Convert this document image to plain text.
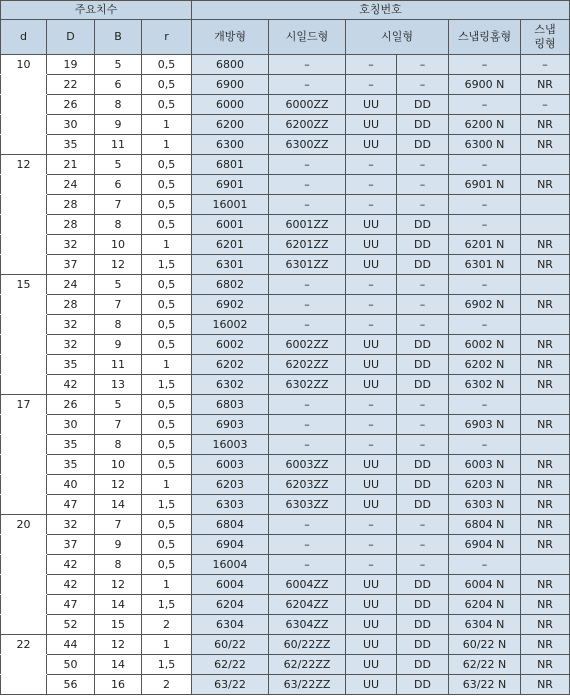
주요치수				호칭번호					
d	D	B	r	개방형	시일드형	시일형		스냅링홈형	스냅
링형
10	19	5	0,5	6800	–	–	–	–	–
	22	6	0,5	6900	–	–	–	6900 N	NR
	26	8	0,5	6000	6000ZZ	UU	DD	–	–
	30	9	1	6200	6200ZZ	UU	DD	6200 N	NR
	35	11	1	6300	6300ZZ	UU	DD	6300 N	NR
12	21	5	0,5	6801	–	–	–	–	
	24	6	0,5	6901	–	–	–	6901 N	NR
	28	7	0,5	16001	–	–	–	–	
	28	8	0,5	6001	6001ZZ	UU	DD	–	
	32	10	1	6201	6201ZZ	UU	DD	6201 N	NR
	37	12	1,5	6301	6301ZZ	UU	DD	6301 N	NR
15	24	5	0,5	6802	–	–	–	–	
	28	7	0,5	6902	–	–	–	6902 N	NR
	32	8	0,5	16002	–	–	–	–	
	32	9	0,5	6002	6002ZZ	UU	DD	6002 N	NR
	35	11	1	6202	6202ZZ	UU	DD	6202 N	NR
	42	13	1,5	6302	6302ZZ	UU	DD	6302 N	NR
17	26	5	0,5	6803	–	–	–	–	
	30	7	0,5	6903	–	–	–	6903 N	NR
	35	8	0,5	16003	–	–	–	–	
	35	10	0,5	6003	6003ZZ	UU	DD	6003 N	NR
	40	12	1	6203	6203ZZ	UU	DD	6203 N	NR
	47	14	1,5	6303	6303ZZ	UU	DD	6303 N	NR
20	32	7	0,5	6804	–	–	–	6804 N	NR
	37	9	0,5	6904	–	–	–	6904 N	NR
	42	8	0,5	16004	–	–	–	–	
	42	12	1	6004	6004ZZ	UU	DD	6004 N	NR
	47	14	1,5	6204	6204ZZ	UU	DD	6204 N	NR
	52	15	2	6304	6304ZZ	UU	DD	6304 N	NR
22	44	12	1	60/22	60/22ZZ	UU	DD	60/22 N	NR
	50	14	1,5	62/22	62/22ZZ	UU	DD	62/22 N	NR
	56	16	2	63/22	63/22ZZ	UU	DD	63/22 N	NR
